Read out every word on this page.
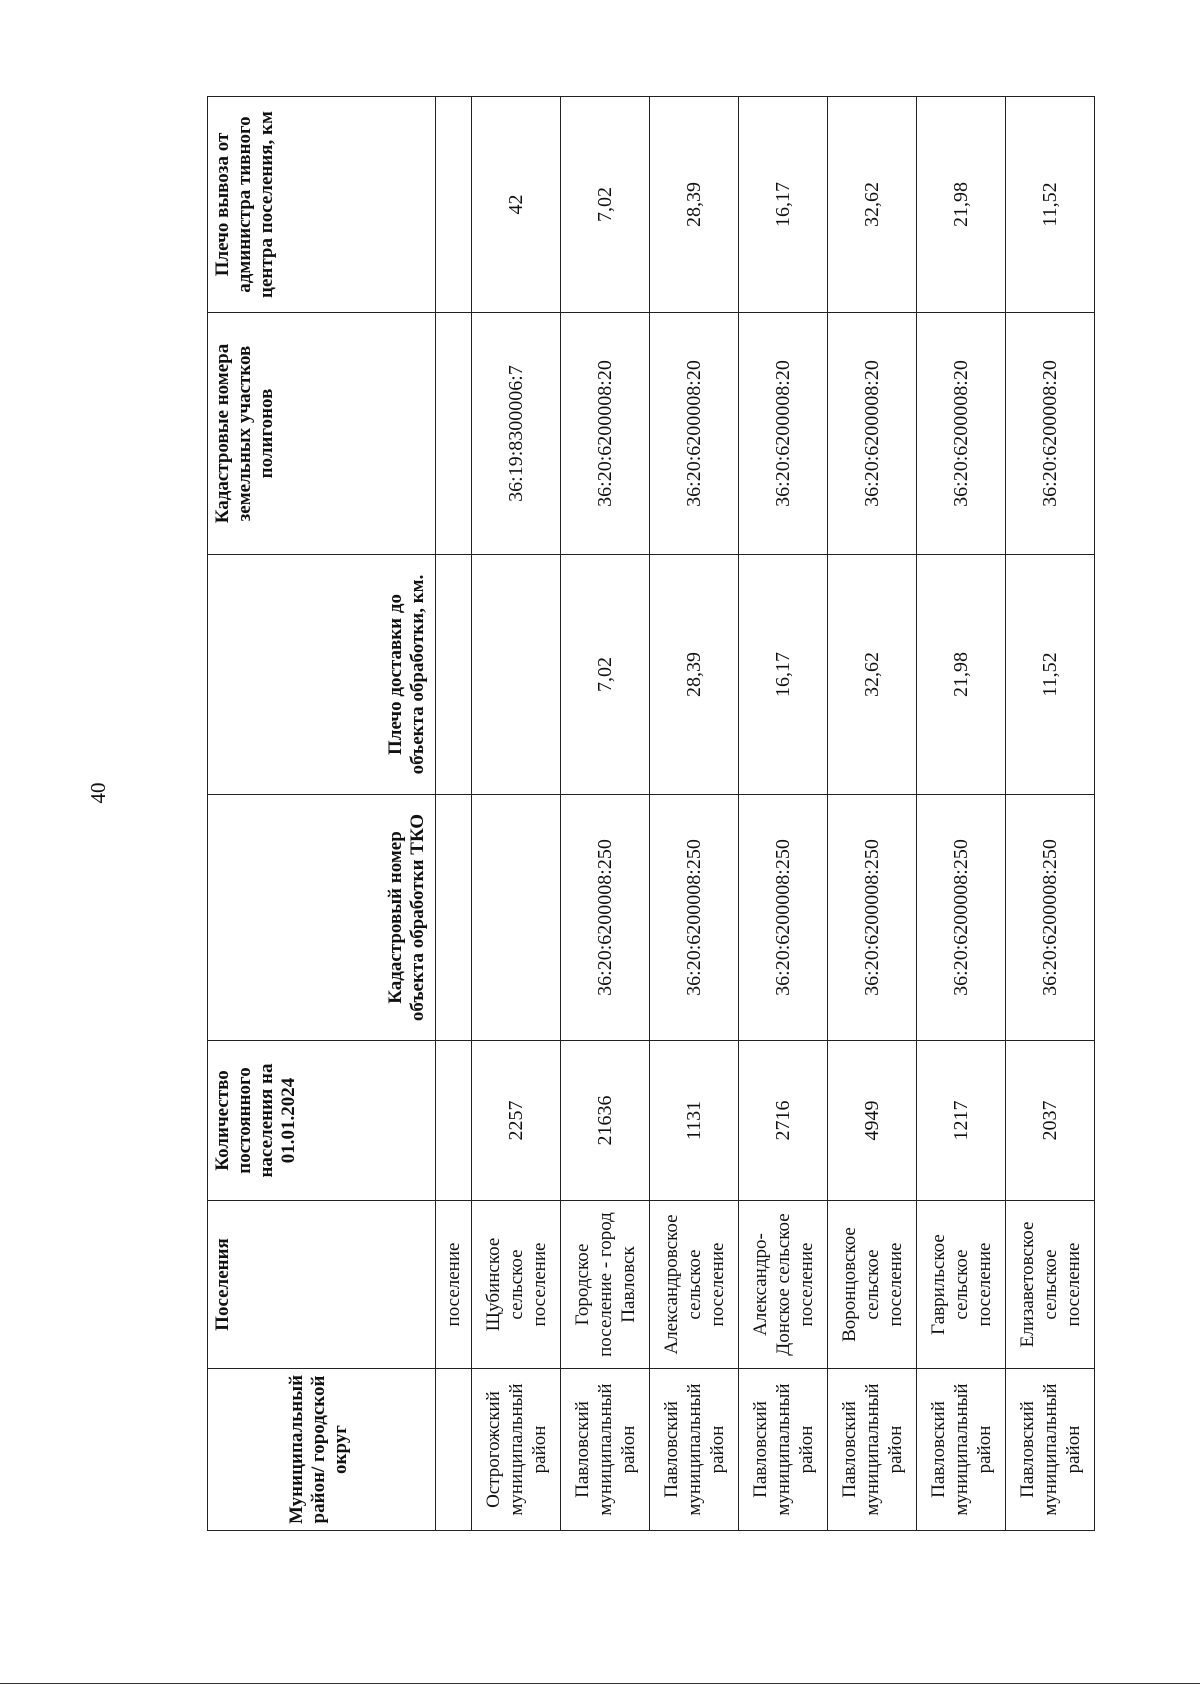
40
Муниципальный район/ городской округ	Поселения	Количество постоянного населения на 01.01.2024	Кадастровый номер объекта обработки ТКО	Плечо доставки до объекта обработки, км.	Кадастровые номера земельных участков полигонов	Плечо вывоза от администра тивного центра поселения, км
	поселение					
Острогожский муниципальный район	Щубинское сельское поселение	2257			36:19:8300006:7	42
Павловский муниципальный район	Городское поселение - город Павловск	21636	36:20:6200008:250	7,02	36:20:6200008:20	7,02
Павловский муниципальный район	Александровское сельское поселение	1131	36:20:6200008:250	28,39	36:20:6200008:20	28,39
Павловский муниципальный район	Александро-Донское сельское поселение	2716	36:20:6200008:250	16,17	36:20:6200008:20	16,17
Павловский муниципальный район	Воронцовское сельское поселение	4949	36:20:6200008:250	32,62	36:20:6200008:20	32,62
Павловский муниципальный район	Гаврильское сельское поселение	1217	36:20:6200008:250	21,98	36:20:6200008:20	21,98
Павловский муниципальный район	Елизаветовское сельское поселение	2037	36:20:6200008:250	11,52	36:20:6200008:20	11,52
